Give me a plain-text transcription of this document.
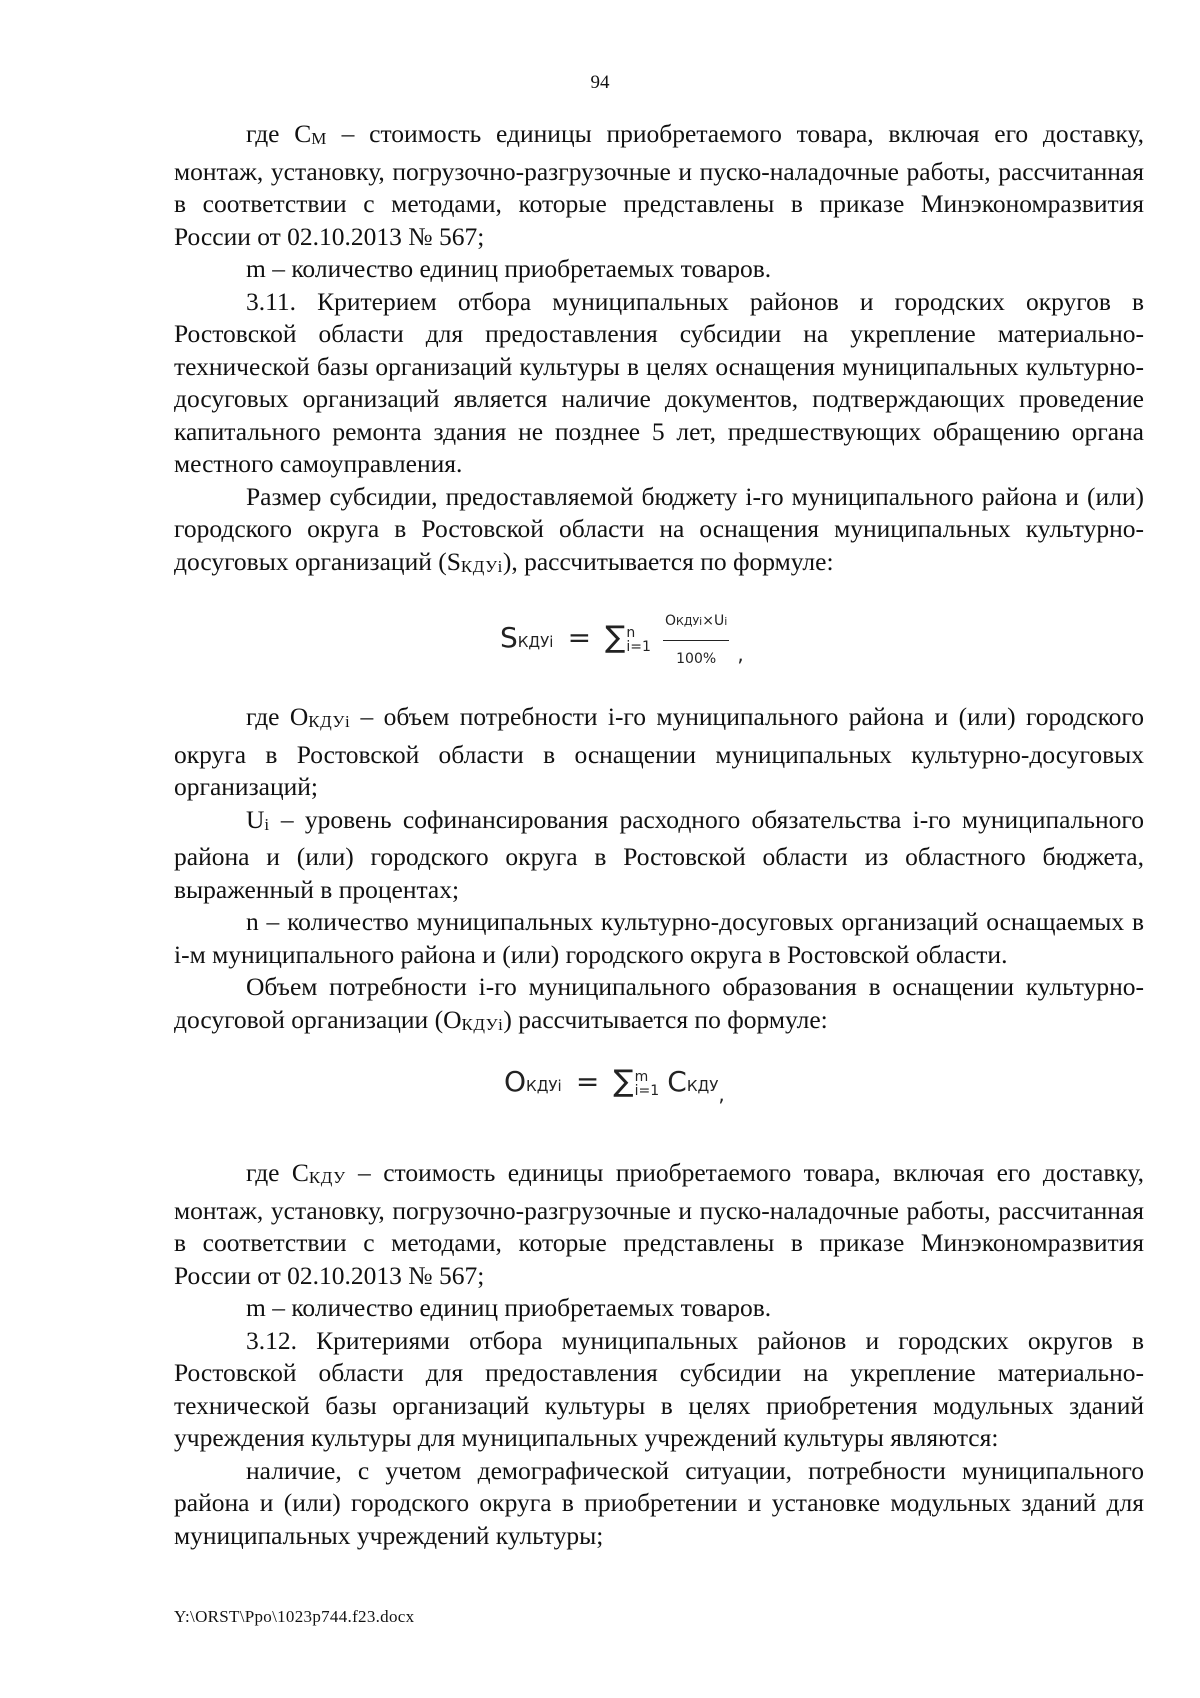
94

где СМ – стоимость единицы приобретаемого товара, включая его доставку, монтаж, установку, погрузочно-разгрузочные и пуско-наладочные работы, рассчитанная в соответствии с методами, которые представлены в приказе Минэкономразвития России от 02.10.2013 № 567;

m – количество единиц приобретаемых товаров.

3.11. Критерием отбора муниципальных районов и городских округов в Ростовской области для предоставления субсидии на укрепление материально-технической базы организаций культуры в целях оснащения муниципальных культурно-досуговых организаций является наличие документов, подтверждающих проведение капитального ремонта здания не позднее 5 лет, предшествующих обращению органа местного самоуправления.

Размер субсидии, предоставляемой бюджету i-го муниципального района и (или) городского округа в Ростовской области на оснащения муниципальных культурно-досуговых организаций (SКДУi), рассчитывается по формуле:

SКДУi = ∑ n
i=1
$\frac{\text{ОКДУi×Ui}}{100\%} _,$

где ОКДУi – объем потребности i-го муниципального района и (или) городского округа в Ростовской области в оснащении муниципальных культурно-досуговых организаций;

Ui – уровень софинансирования расходного обязательства i-го муниципального района и (или) городского округа в Ростовской области из областного бюджета, выраженный в процентах;

n – количество муниципальных культурно-досуговых организаций оснащаемых в i-м муниципального района и (или) городского округа в Ростовской области.

Объем потребности i-го муниципального образования в оснащении культурно-досуговой организации (ОКДУi) рассчитывается по формуле:

ОКДУi = ∑ m
i=1 $СКДУ_,$

где СКДУ – стоимость единицы приобретаемого товара, включая его доставку, монтаж, установку, погрузочно-разгрузочные и пуско-наладочные работы, рассчитанная в соответствии с методами, которые представлены в приказе Минэкономразвития России от 02.10.2013 № 567;

m – количество единиц приобретаемых товаров.

3.12. Критериями отбора муниципальных районов и городских округов в Ростовской области для предоставления субсидии на укрепление материально-технической базы организаций культуры в целях приобретения модульных зданий учреждения культуры для муниципальных учреждений культуры являются:

наличие, с учетом демографической ситуации, потребности муниципального района и (или) городского округа в приобретении и установке модульных зданий для муниципальных учреждений культуры;

Y:\ORST\Ppo\1023p744.f23.docx
